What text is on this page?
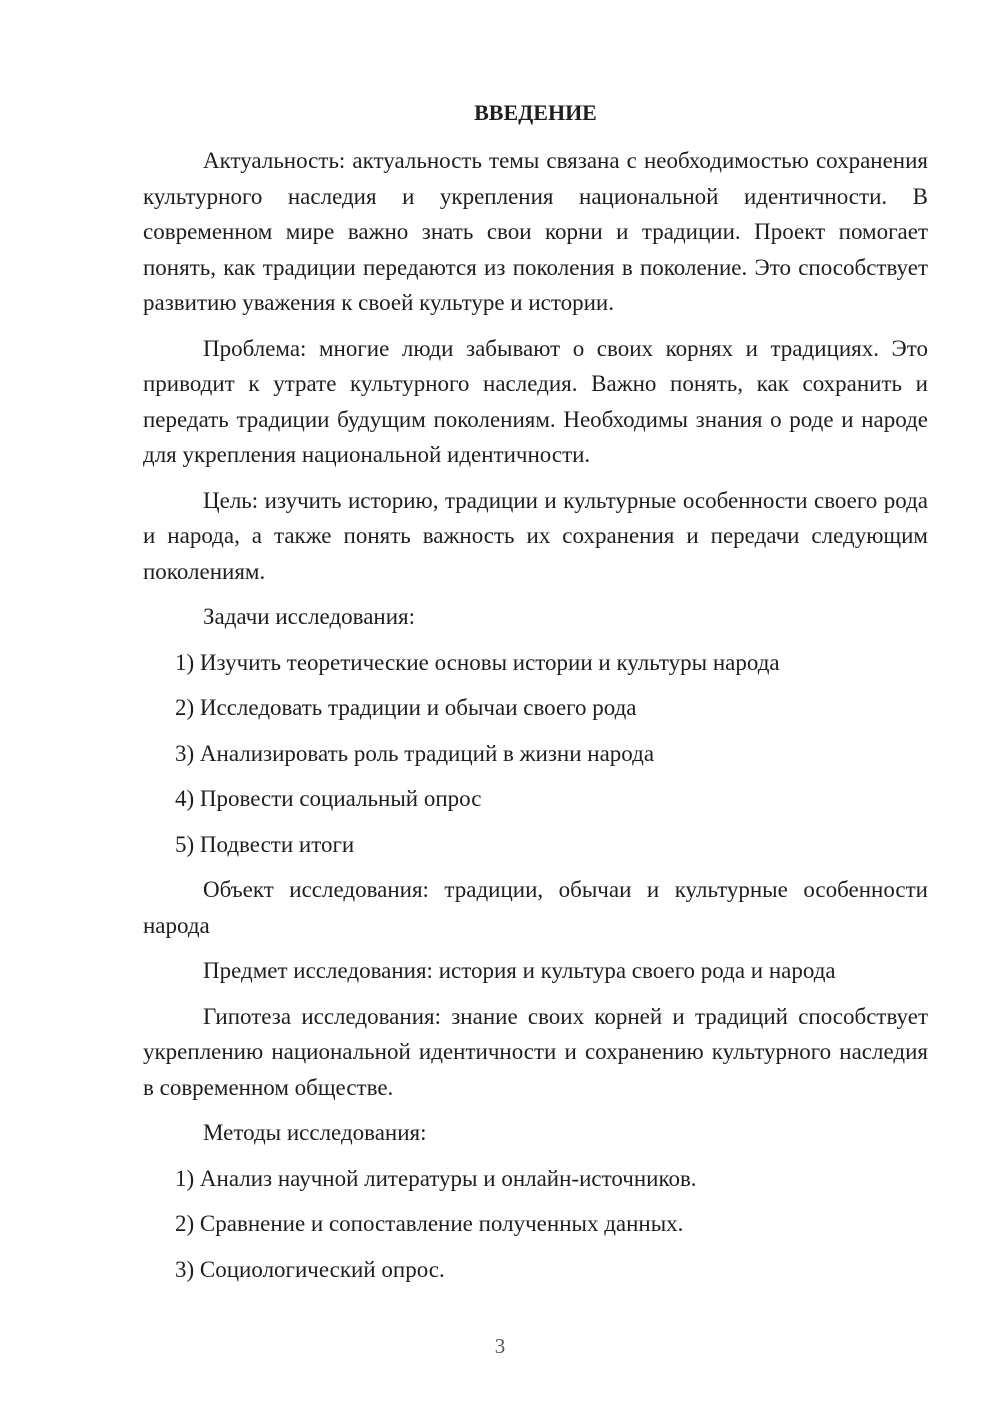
ВВЕДЕНИЕ

Актуальность: актуальность темы связана с необходимостью сохранения культурного наследия и укрепления национальной идентичности. В современном мире важно знать свои корни и традиции. Проект помогает понять, как традиции передаются из поколения в поколение. Это способствует развитию уважения к своей культуре и истории.

Проблема: многие люди забывают о своих корнях и традициях. Это приводит к утрате культурного наследия. Важно понять, как сохранить и передать традиции будущим поколениям. Необходимы знания о роде и народе для укрепления национальной идентичности.

Цель: изучить историю, традиции и культурные особенности своего рода и народа, а также понять важность их сохранения и передачи следующим поколениям.

Задачи исследования:

1) Изучить теоретические основы истории и культуры народа
2) Исследовать традиции и обычаи своего рода
3) Анализировать роль традиций в жизни народа
4) Провести социальный опрос
5) Подвести итоги

Объект исследования: традиции, обычаи и культурные особенности народа

Предмет исследования: история и культура своего рода и народа

Гипотеза исследования: знание своих корней и традиций способствует укреплению национальной идентичности и сохранению культурного наследия в современном обществе.

Методы исследования:

1) Анализ научной литературы и онлайн-источников.
2) Сравнение и сопоставление полученных данных.
3) Социологический опрос.
3
